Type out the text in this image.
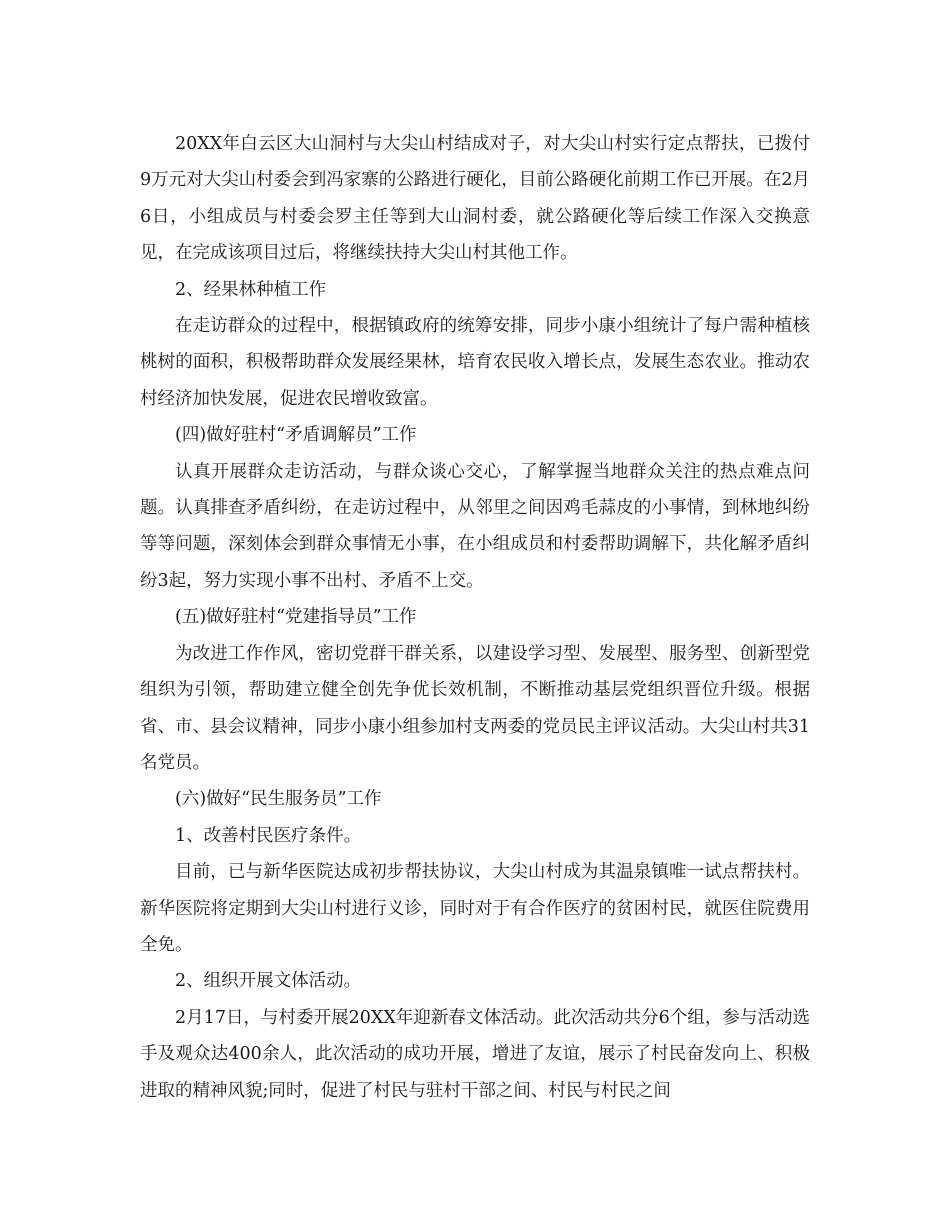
20XX年白云区大山洞村与大尖山村结成对子，对大尖山村实行定点帮扶，已拨付9万元对大尖山村委会到冯家寨的公路进行硬化，目前公路硬化前期工作已开展。在2月6日，小组成员与村委会罗主任等到大山洞村委，就公路硬化等后续工作深入交换意见，在完成该项目过后，将继续扶持大尖山村其他工作。

2、经果林种植工作

在走访群众的过程中，根据镇政府的统筹安排，同步小康小组统计了每户需种植核桃树的面积，积极帮助群众发展经果林，培育农民收入增长点，发展生态农业。推动农村经济加快发展，促进农民增收致富。

(四)做好驻村“矛盾调解员”工作

认真开展群众走访活动，与群众谈心交心，了解掌握当地群众关注的热点难点问题。认真排查矛盾纠纷，在走访过程中，从邻里之间因鸡毛蒜皮的小事情，到林地纠纷等等问题，深刻体会到群众事情无小事，在小组成员和村委帮助调解下，共化解矛盾纠纷3起，努力实现小事不出村、矛盾不上交。

(五)做好驻村“党建指导员”工作

为改进工作作风，密切党群干群关系，以建设学习型、发展型、服务型、创新型党组织为引领，帮助建立健全创先争优长效机制，不断推动基层党组织晋位升级。根据省、市、县会议精神，同步小康小组参加村支两委的党员民主评议活动。大尖山村共31名党员。

(六)做好“民生服务员”工作

1、改善村民医疗条件。

目前，已与新华医院达成初步帮扶协议，大尖山村成为其温泉镇唯一试点帮扶村。新华医院将定期到大尖山村进行义诊，同时对于有合作医疗的贫困村民，就医住院费用全免。

2、组织开展文体活动。

2月17日，与村委开展20XX年迎新春文体活动。此次活动共分6个组，参与活动选手及观众达400余人，此次活动的成功开展，增进了友谊，展示了村民奋发向上、积极进取的精神风貌;同时，促进了村民与驻村干部之间、村民与村民之间
